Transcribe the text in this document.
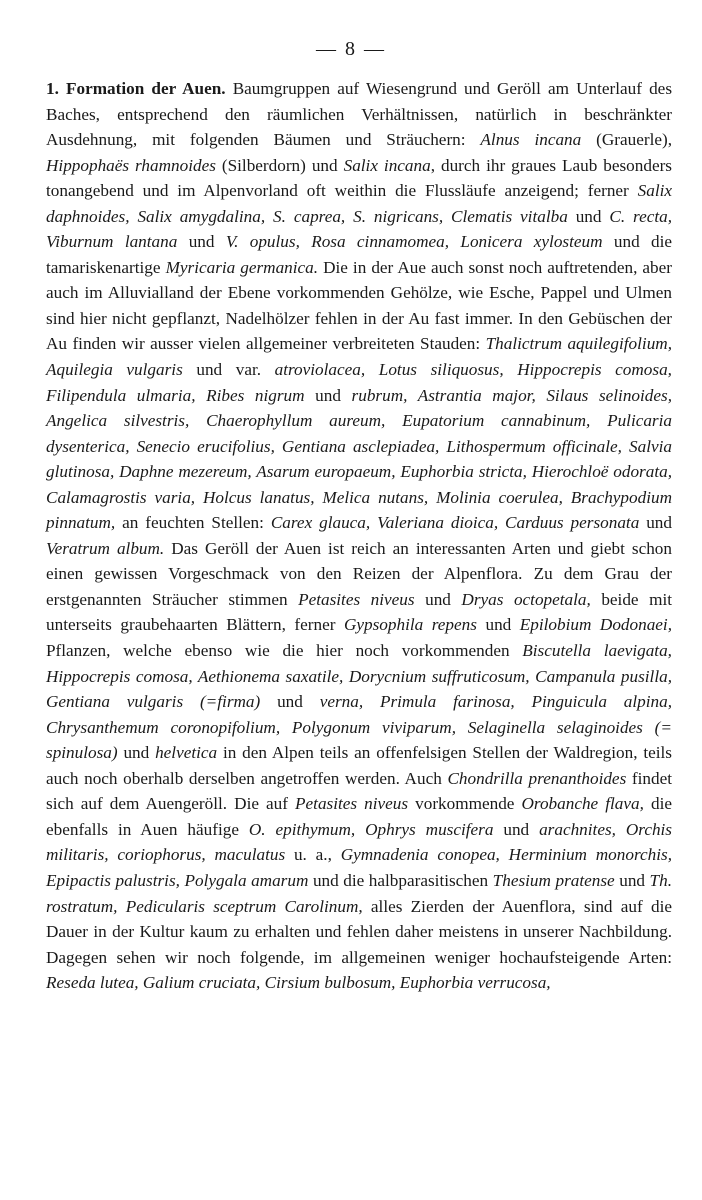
— 8 —
1. Formation der Auen. Baumgruppen auf Wiesengrund und Geröll am Unterlauf des Baches, entsprechend den räumlichen Verhältnissen, natürlich in beschränkter Ausdehnung, mit folgenden Bäumen und Sträuchern: Alnus incana (Grauerle), Hippophaës rhamnoides (Silberdorn) und Salix incana, durch ihr graues Laub besonders tonangebend und im Alpenvorland oft weithin die Flussläufe anzeigend; ferner Salix daphnoides, Salix amygdalina, S. caprea, S. nigricans, Clematis vitalba und C. recta, Viburnum lantana und V. opulus, Rosa cinnamomea, Lonicera xylosteum und die tamariskenartige Myricaria germanica. Die in der Aue auch sonst noch auftretenden, aber auch im Alluvialland der Ebene vorkommenden Gehölze, wie Esche, Pappel und Ulmen sind hier nicht gepflanzt, Nadelhölzer fehlen in der Au fast immer. In den Gebüschen der Au finden wir ausser vielen allgemeiner verbreiteten Stauden: Thalictrum aquilegifolium, Aquilegia vulgaris und var. atroviolacea, Lotus siliquosus, Hippocrepis comosa, Filipendula ulmaria, Ribes nigrum und rubrum, Astrantia major, Silaus selinoides, Angelica silvestris, Chaerophyllum aureum, Eupatorium cannabinum, Pulicaria dysenterica, Senecio erucifolius, Gentiana asclepiadea, Lithospermum officinale, Salvia glutinosa, Daphne mezereum, Asarum europaeum, Euphorbia stricta, Hierochloë odorata, Calamagrostis varia, Holcus lanatus, Melica nutans, Molinia coerulea, Brachypodium pinnatum, an feuchten Stellen: Carex glauca, Valeriana dioica, Carduus personata und Veratrum album. Das Geröll der Auen ist reich an interessanten Arten und giebt schon einen gewissen Vorgeschmack von den Reizen der Alpenflora. Zu dem Grau der erstgenannten Sträucher stimmen Petasites niveus und Dryas octopetala, beide mit unterseits graubehaarten Blättern, ferner Gypsophila repens und Epilobium Dodonaei, Pflanzen, welche ebenso wie die hier noch vorkommenden Biscutella laevigata, Hippocrepis comosa, Aethionema saxatile, Dorycnium suffruticosum, Campanula pusilla, Gentiana vulgaris (=firma) und verna, Primula farinosa, Pinguicula alpina, Chrysanthemum coronopifolium, Polygonum viviparum, Selaginella selaginoides (= spinulosa) und helvetica in den Alpen teils an offenfelsigen Stellen der Waldregion, teils auch noch oberhalb derselben angetroffen werden. Auch Chondrilla prenanthoides findet sich auf dem Auengeröll. Die auf Petasites niveus vorkommende Orobanche flava, die ebenfalls in Auen häufige O. epithymum, Ophrys muscifera und arachnites, Orchis militaris, coriophorus, maculatus u. a., Gymnadenia conopea, Herminium monorchis, Epipactis palustris, Polygala amarum und die halbparasitischen Thesium pratense und Th. rostratum, Pedicularis sceptrum Carolinum, alles Zierden der Auenflora, sind auf die Dauer in der Kultur kaum zu erhalten und fehlen daher meistens in unserer Nachbildung. Dagegen sehen wir noch folgende, im allgemeinen weniger hochaufsteigende Arten: Reseda lutea, Galium cruciata, Cirsium bulbosum, Euphorbia verrucosa,
